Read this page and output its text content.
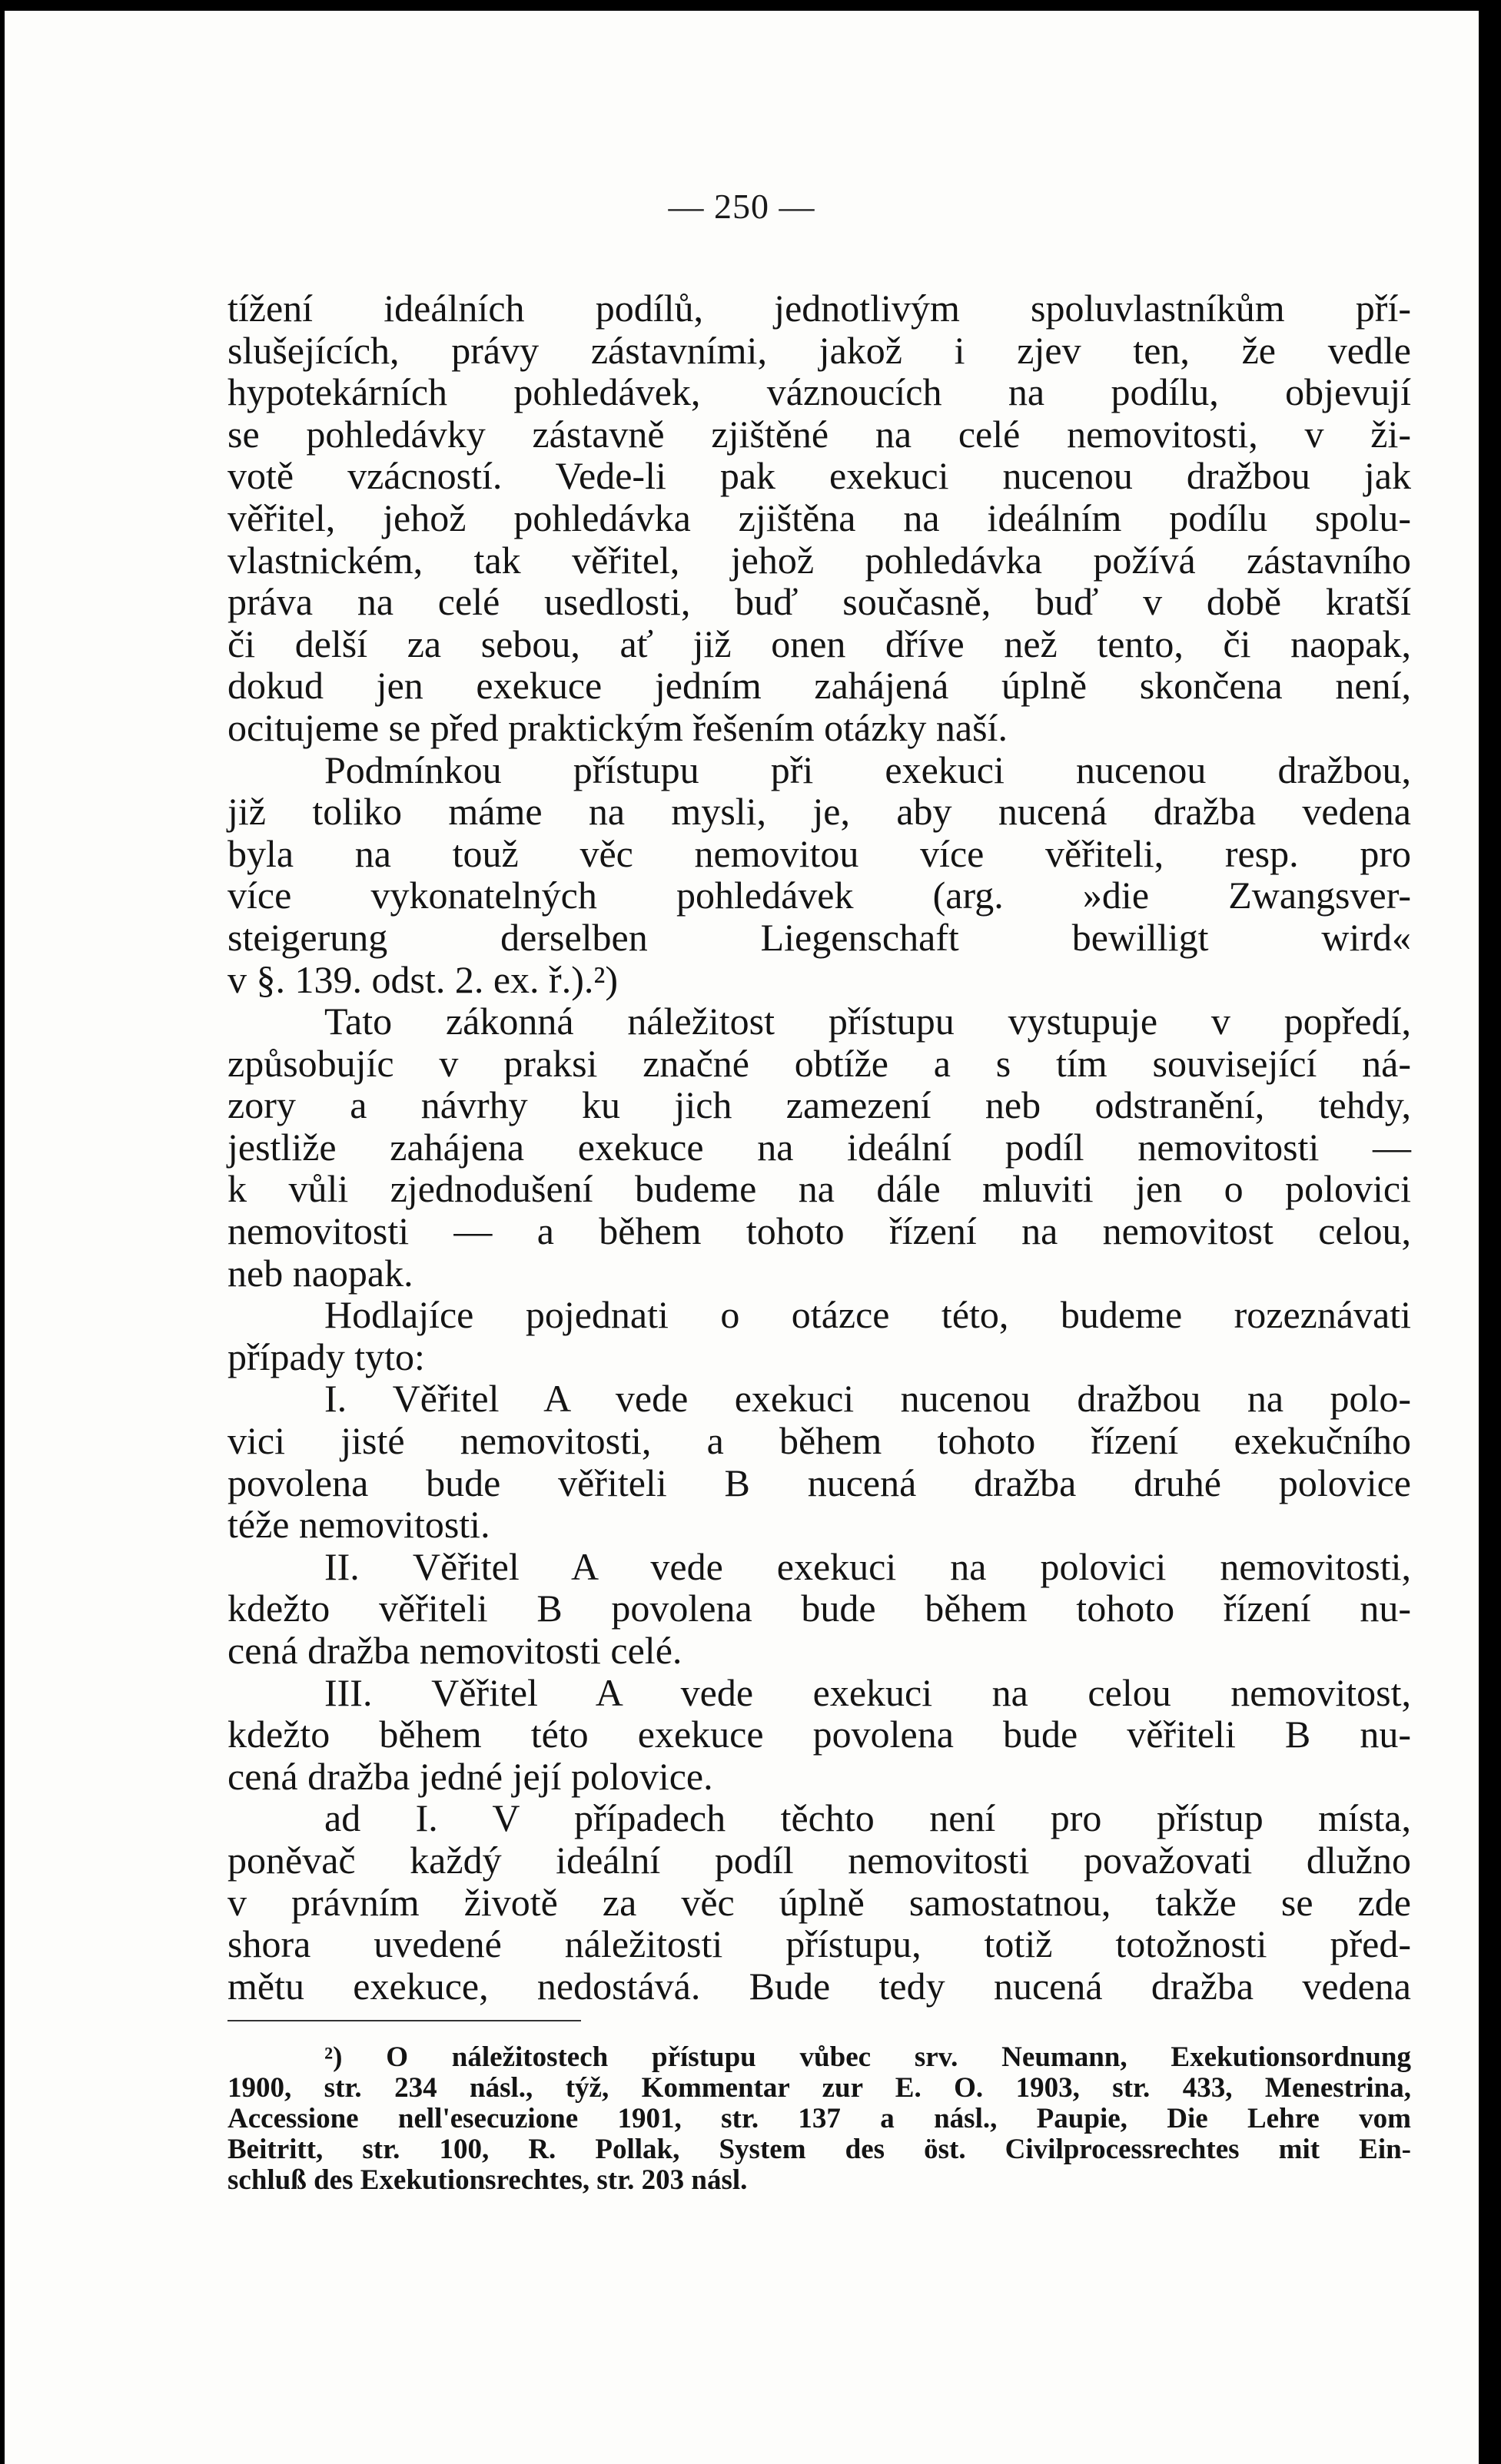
— 250 —
tížení ideálních podílů, jednotlivým spoluvlastníkům pří-
slušejících, právy zástavními, jakož i zjev ten, že vedle
hypotekárních pohledávek, váznoucích na podílu, objevují
se pohledávky zástavně zjištěné na celé nemovitosti, v ži-
votě vzácností. Vede-li pak exekuci nucenou dražbou jak
věřitel, jehož pohledávka zjištěna na ideálním podílu spolu-
vlastnickém, tak věřitel, jehož pohledávka požívá zástavního
práva na celé usedlosti, buď současně, buď v době kratší
či delší za sebou, ať již onen dříve než tento, či naopak,
dokud jen exekuce jedním zahájená úplně skončena není,
ocitujeme se před praktickým řešením otázky naší.
Podmínkou přístupu při exekuci nucenou dražbou,
již toliko máme na mysli, je, aby nucená dražba vedena
byla na touž věc nemovitou více věřiteli, resp. pro
více vykonatelných pohledávek (arg. »die Zwangsver-
steigerung derselben Liegenschaft bewilligt wird«
v §. 139. odst. 2. ex. ř.).²)
Tato zákonná náležitost přístupu vystupuje v popředí,
způsobujíc v praksi značné obtíže a s tím související ná-
zory a návrhy ku jich zamezení neb odstranění, tehdy,
jestliže zahájena exekuce na ideální podíl nemovitosti —
k vůli zjednodušení budeme na dále mluviti jen o polovici
nemovitosti — a během tohoto řízení na nemovitost celou,
neb naopak.
Hodlajíce pojednati o otázce této, budeme rozeznávati
případy tyto:
I. Věřitel A vede exekuci nucenou dražbou na polo-
vici jisté nemovitosti, a během tohoto řízení exekučního
povolena bude věřiteli B nucená dražba druhé polovice
téže nemovitosti.
II. Věřitel A vede exekuci na polovici nemovitosti,
kdežto věřiteli B povolena bude během tohoto řízení nu-
cená dražba nemovitosti celé.
III. Věřitel A vede exekuci na celou nemovitost,
kdežto během této exekuce povolena bude věřiteli B nu-
cená dražba jedné její polovice.
ad I. V případech těchto není pro přístup místa,
poněvač každý ideální podíl nemovitosti považovati dlužno
v právním životě za věc úplně samostatnou, takže se zde
shora uvedené náležitosti přístupu, totiž totožnosti před-
mětu exekuce, nedostává. Bude tedy nucená dražba vedena
²) O náležitostech přístupu vůbec srv. Neumann, Exekutionsordnung
1900, str. 234 násl., týž, Kommentar zur E. O. 1903, str. 433, Menestrina,
Accessione nell'esecuzione 1901, str. 137 a násl., Paupie, Die Lehre vom
Beitritt, str. 100, R. Pollak, System des öst. Civilprocessrechtes mit Ein-
schluß des Exekutionsrechtes, str. 203 násl.
